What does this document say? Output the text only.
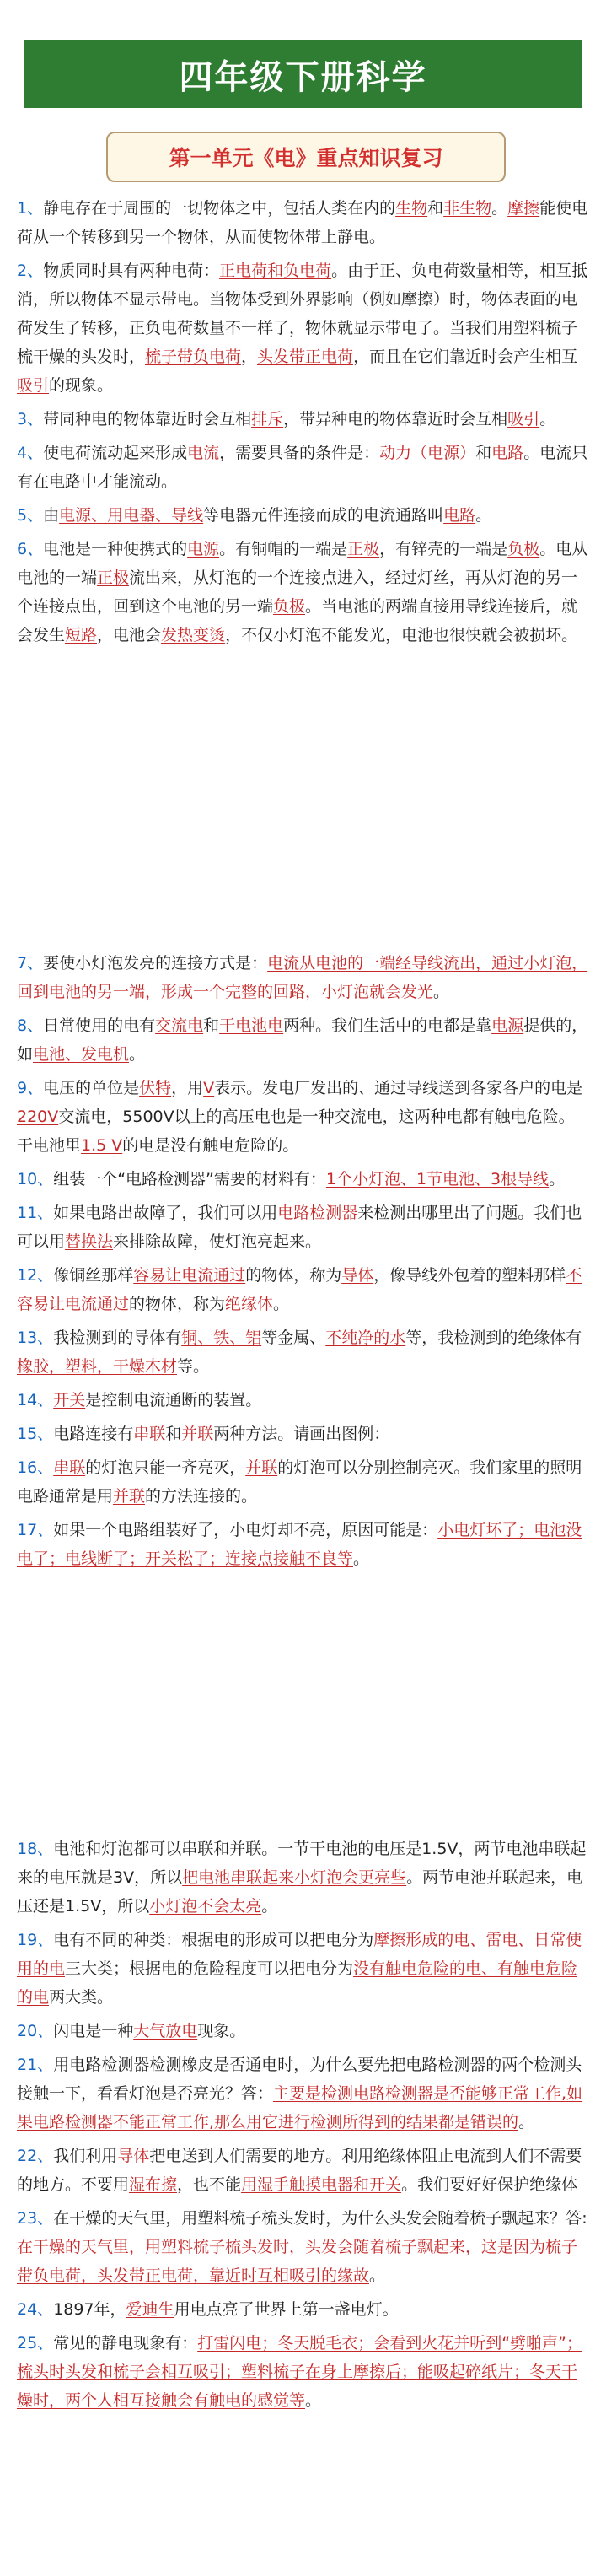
四年级下册科学
第一单元《电》重点知识复习
1、静电存在于周围的一切物体之中，包括人类在内的生物和非生物。摩擦能使电荷从一个转移到另一个物体，从而使物体带上静电。
2、物质同时具有两种电荷：正电荷和负电荷。由于正、负电荷数量相等，相互抵消，所以物体不显示带电。当物体受到外界影响（例如摩擦）时，物体表面的电荷发生了转移，正负电荷数量不一样了，物体就显示带电了。当我们用塑料梳子梳干燥的头发时，梳子带负电荷，头发带正电荷，而且在它们靠近时会产生相互吸引的现象。
3、带同种电的物体靠近时会互相排斥，带异种电的物体靠近时会互相吸引。
4、使电荷流动起来形成电流，需要具备的条件是：动力（电源）和电路。电流只有在电路中才能流动。
5、由电源、用电器、导线等电器元件连接而成的电流通路叫电路。
6、电池是一种便携式的电源。有铜帽的一端是正极，有锌壳的一端是负极。电从电池的一端正极流出来，从灯泡的一个连接点进入，经过灯丝，再从灯泡的另一个连接点出，回到这个电池的另一端负极。当电池的两端直接用导线连接后，就会发生短路，电池会发热变烫，不仅小灯泡不能发光，电池也很快就会被损坏。
7、要使小灯泡发亮的连接方式是：电流从电池的一端经导线流出，通过小灯泡，回到电池的另一端，形成一个完整的回路，小灯泡就会发光。
8、日常使用的电有交流电和干电池电两种。我们生活中的电都是靠电源提供的，如电池、发电机。
9、电压的单位是伏特，用V表示。发电厂发出的、通过导线送到各家各户的电是220V交流电，5500V以上的高压电也是一种交流电，这两种电都有触电危险。干电池里1.5 V的电是没有触电危险的。
10、组装一个“电路检测器”需要的材料有：1个小灯泡、1节电池、3根导线。
11、如果电路出故障了，我们可以用电路检测器来检测出哪里出了问题。我们也可以用替换法来排除故障，使灯泡亮起来。
12、像铜丝那样容易让电流通过的物体，称为导体，像导线外包着的塑料那样不容易让电流通过的物体，称为绝缘体。
13、我检测到的导体有铜、铁、铝等金属、不纯净的水等，我检测到的绝缘体有橡胶，塑料，干燥木材等。
14、开关是控制电流通断的装置。
15、电路连接有串联和并联两种方法。请画出图例：
16、串联的灯泡只能一齐亮灭，并联的灯泡可以分别控制亮灭。我们家里的照明电路通常是用并联的方法连接的。
17、如果一个电路组装好了，小电灯却不亮，原因可能是：小电灯坏了；电池没电了；电线断了；开关松了；连接点接触不良等。
18、电池和灯泡都可以串联和并联。一节干电池的电压是1.5V，两节电池串联起来的电压就是3V，所以把电池串联起来小灯泡会更亮些。两节电池并联起来，电压还是1.5V，所以小灯泡不会太亮。
19、电有不同的种类：根据电的形成可以把电分为摩擦形成的电、雷电、日常使用的电三大类；根据电的危险程度可以把电分为没有触电危险的电、有触电危险的电两大类。
20、闪电是一种大气放电现象。
21、用电路检测器检测橡皮是否通电时，为什么要先把电路检测器的两个检测头接触一下，看看灯泡是否亮光？答：主要是检测电路检测器是否能够正常工作,如果电路检测器不能正常工作,那么用它进行检测所得到的结果都是错误的。
22、我们利用导体把电送到人们需要的地方。利用绝缘体阻止电流到人们不需要的地方。不要用湿布擦，也不能用湿手触摸电器和开关。我们要好好保护绝缘体
23、在干燥的天气里，用塑料梳子梳头发时，为什么头发会随着梳子飘起来？答:在干燥的天气里，用塑料梳子梳头发时，头发会随着梳子飘起来，这是因为梳子带负电荷，头发带正电荷，靠近时互相吸引的缘故。
24、1897年，爱迪生用电点亮了世界上第一盏电灯。
25、常见的静电现象有：打雷闪电；冬天脱毛衣；会看到火花并听到“劈啪声”；梳头时头发和梳子会相互吸引；塑料梳子在身上摩擦后；能吸起碎纸片；冬天干燥时，两个人相互接触会有触电的感觉等。
